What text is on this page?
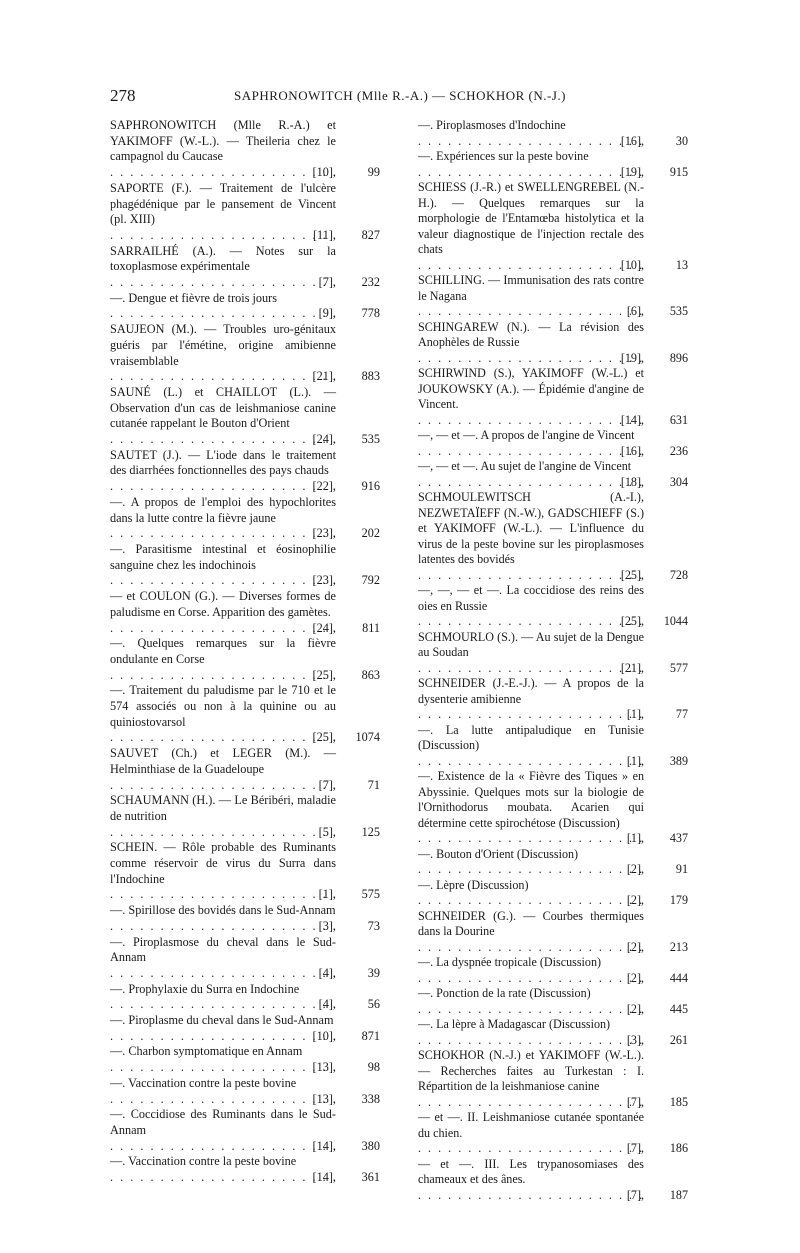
278	SAPHRONOWITCH (Mlle R.-A.) — SCHOKHOR (N.-J.)
SAPHRONOWITCH (Mlle R.-A.) et YAKIMOFF (W.-L.). — Theileria chez le campagnol du Caucase
. . . [10],	99
SAPORTE (F.). — Traitement de l'ulcère phagédénique par le pansement de Vincent (pl. XIII)
. . . [11],	827
SARRAILHÉ (A.). — Notes sur la toxoplasmose expérimentale
. . . [7],	232
—. Dengue et fièvre de trois jours
. . . [9],	778
SAUJEON (M.). — Troubles uro-génitaux guéris par l'émétine, origine amibienne vraisemblable
. . . [21],	883
SAUNÉ (L.) et CHAILLOT (L.). — Observation d'un cas de leishmaniose canine cutanée rappelant le Bouton d'Orient
. . . [24],	535
SAUTET (J.). — L'iode dans le traitement des diarrhées fonctionnelles des pays chauds
. . . [22],	916
—. A propos de l'emploi des hypochlorites dans la lutte contre la fièvre jaune
. . . [23],	202
—. Parasitisme intestinal et éosinophilie sanguine chez les indochinois
. . . [23],	792
— et COULON (G.). — Diverses formes de paludisme en Corse. Apparition des gamètes.
. . . [24],	811
—. Quelques remarques sur la fièvre ondulante en Corse
. . . [25],	863
—. Traitement du paludisme par le 710 et le 574 associés ou non à la quinine ou au quiniostovarsol
. . . [25],	1074
SAUVET (Ch.) et LEGER (M.). — Helminthiase de la Guadeloupe
. . . [7],	71
SCHAUMANN (H.). — Le Béribéri, maladie de nutrition
. . . [5],	125
SCHEIN. — Rôle probable des Ruminants comme réservoir de virus du Surra dans l'Indochine
. . . [1],	575
—. Spirillose des bovidés dans le Sud-Annam
. . . [3],	73
—. Piroplasmose du cheval dans le Sud-Annam
. . . [4],	39
—. Prophylaxie du Surra en Indochine
. . . [4],	56
—. Piroplasme du cheval dans le Sud-Annam
. . . [10],	871
—. Charbon symptomatique en Annam
. . . [13],	98
—. Vaccination contre la peste bovine
. . . [13],	338
—. Coccidiose des Ruminants dans le Sud-Annam
. . . [14],	380
—. Vaccination contre la peste bovine
. . . [14],	361
—. Piroplasmoses d'Indochine
. . . [16],	30
—. Expériences sur la peste bovine
. . . [19],	915
SCHIESS (J.-R.) et SWELLENGREBEL (N.-H.). — Quelques remarques sur la morphologie de l'Entamœba histolytica et la valeur diagnostique de l'injection rectale des chats
. . . [10],	13
SCHILLING. — Immunisation des rats contre le Nagana
. . . [6],	535
SCHINGAREW (N.). — La révision des Anophèles de Russie
. . . [19],	896
SCHIRWIND (S.), YAKIMOFF (W.-L.) et JOUKOWSKY (A.). — Épidémie d'angine de Vincent.
. . . [14],	631
—, — et —. A propos de l'angine de Vincent
. . . [16],	236
—, — et —. Au sujet de l'angine de Vincent
. . . [18],	304
SCHMOULEWITSCH (A.-I.), NEZWETAÏEFF (N.-W.), GADSCHIEFF (S.) et YAKIMOFF (W.-L.). — L'influence du virus de la peste bovine sur les piroplasmoses latentes des bovidés
. . . [25],	728
—, —, — et —. La coccidiose des reins des oies en Russie
. . . [25],	1044
SCHMOURLO (S.). — Au sujet de la Dengue au Soudan
. . . [21],	577
SCHNEIDER (J.-E.-J.). — A propos de la dysenterie amibienne
. . . [1],	77
—. La lutte antipaludique en Tunisie (Discussion)
. . . [1],	389
—. Existence de la « Fièvre des Tiques » en Abyssinie. Quelques mots sur la biologie de l'Ornithodorus moubata. Acarien qui détermine cette spirochétose (Discussion)
. . . [1],	437
—. Bouton d'Orient (Discussion)
. . . [2],	91
—. Lèpre (Discussion)
. . . [2],	179
SCHNEIDER (G.). — Courbes thermiques dans la Dourine
. . . [2],	213
—. La dyspnée tropicale (Discussion)
. . . [2],	444
—. Ponction de la rate (Discussion)
. . . [2],	445
—. La lèpre à Madagascar (Discussion)
. . . [3],	261
SCHOKHOR (N.-J.) et YAKIMOFF (W.-L.). — Recherches faites au Turkestan : I. Répartition de la leishmaniose canine
. . . [7],	185
— et —. II. Leishmaniose cutanée spontanée du chien.
. . . [7],	186
— et —. III. Les trypanosomiases des chameaux et des ânes.
. . . [7],	187
